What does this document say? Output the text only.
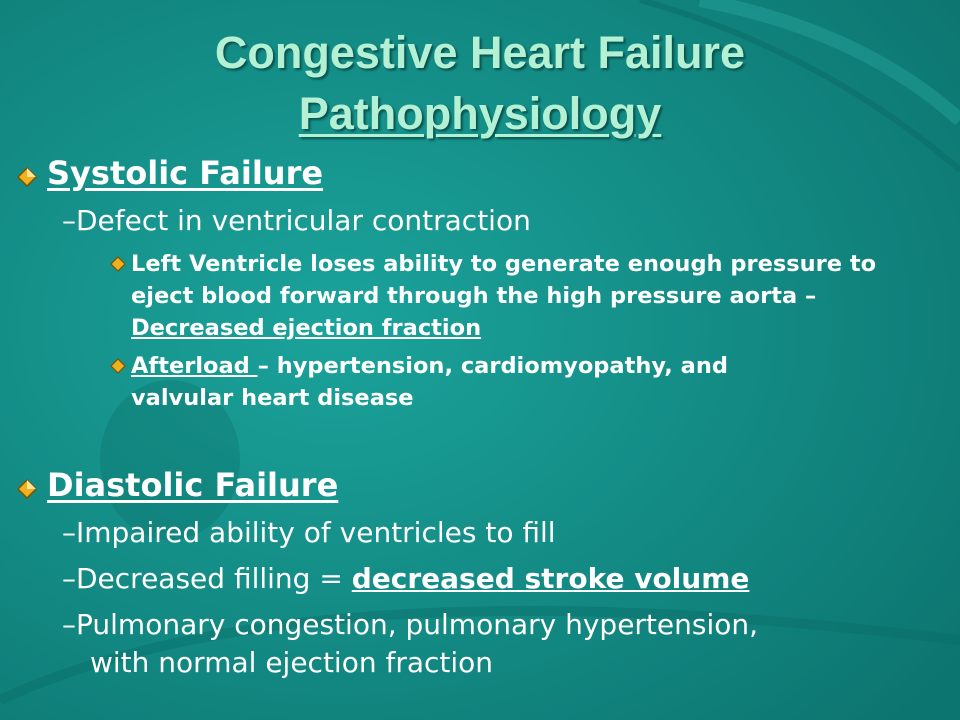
Congestive Heart Failure
Pathophysiology
Systolic Failure
–Defect in ventricular contraction
Left Ventricle loses ability to generate enough pressure to
eject blood forward through the high pressure aorta –
Decreased ejection fraction
Afterload – hypertension, cardiomyopathy, and
valvular heart disease
Diastolic Failure
–Impaired ability of ventricles to fill
–Decreased filling = decreased stroke volume
–Pulmonary congestion, pulmonary hypertension,
with normal ejection fraction
